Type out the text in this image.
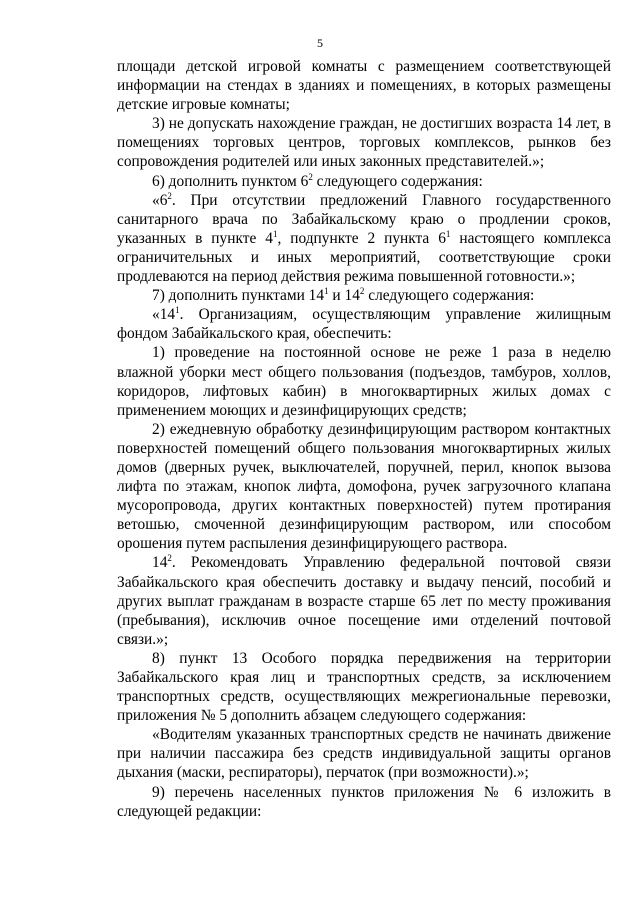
5

площади детской игровой комнаты с размещением соответствующей информации на стендах в зданиях и помещениях, в которых размещены детские игровые комнаты;

3) не допускать нахождение граждан, не достигших возраста 14 лет, в помещениях торговых центров, торговых комплексов, рынков без сопровождения родителей или иных законных представителей.»;

6) дополнить пунктом $6^2$ следующего содержания:

«$6^2$. При отсутствии предложений Главного государственного санитарного врача по Забайкальскому краю о продлении сроков, указанных в пункте $4^1$, подпункте 2 пункта $6^1$ настоящего комплекса ограничительных и иных мероприятий, соответствующие сроки продлеваются на период действия режима повышенной готовности.»;

7) дополнить пунктами $14^1$ и $14^2$ следующего содержания:

«$14^1$. Организациям, осуществляющим управление жилищным фондом Забайкальского края, обеспечить:

1) проведение на постоянной основе не реже 1 раза в неделю влажной уборки мест общего пользования (подъездов, тамбуров, холлов, коридоров, лифтовых кабин) в многоквартирных жилых домах с применением моющих и дезинфицирующих средств;

2) ежедневную обработку дезинфицирующим раствором контактных поверхностей помещений общего пользования многоквартирных жилых домов (дверных ручек, выключателей, поручней, перил, кнопок вызова лифта по этажам, кнопок лифта, домофона, ручек загрузочного клапана мусоропровода, других контактных поверхностей) путем протирания ветошью, смоченной дезинфицирующим раствором, или способом орошения путем распыления дезинфицирующего раствора.

$14^2$. Рекомендовать Управлению федеральной почтовой связи Забайкальского края обеспечить доставку и выдачу пенсий, пособий и других выплат гражданам в возрасте старше 65 лет по месту проживания (пребывания), исключив очное посещение ими отделений почтовой связи.»;

8) пункт 13 Особого порядка передвижения на территории Забайкальского края лиц и транспортных средств, за исключением транспортных средств, осуществляющих межрегиональные перевозки, приложения № 5 дополнить абзацем следующего содержания:

«Водителям указанных транспортных средств не начинать движение при наличии пассажира без средств индивидуальной защиты органов дыхания (маски, респираторы), перчаток (при возможности).»;

9) перечень населенных пунктов приложения № 6 изложить в следующей редакции:
